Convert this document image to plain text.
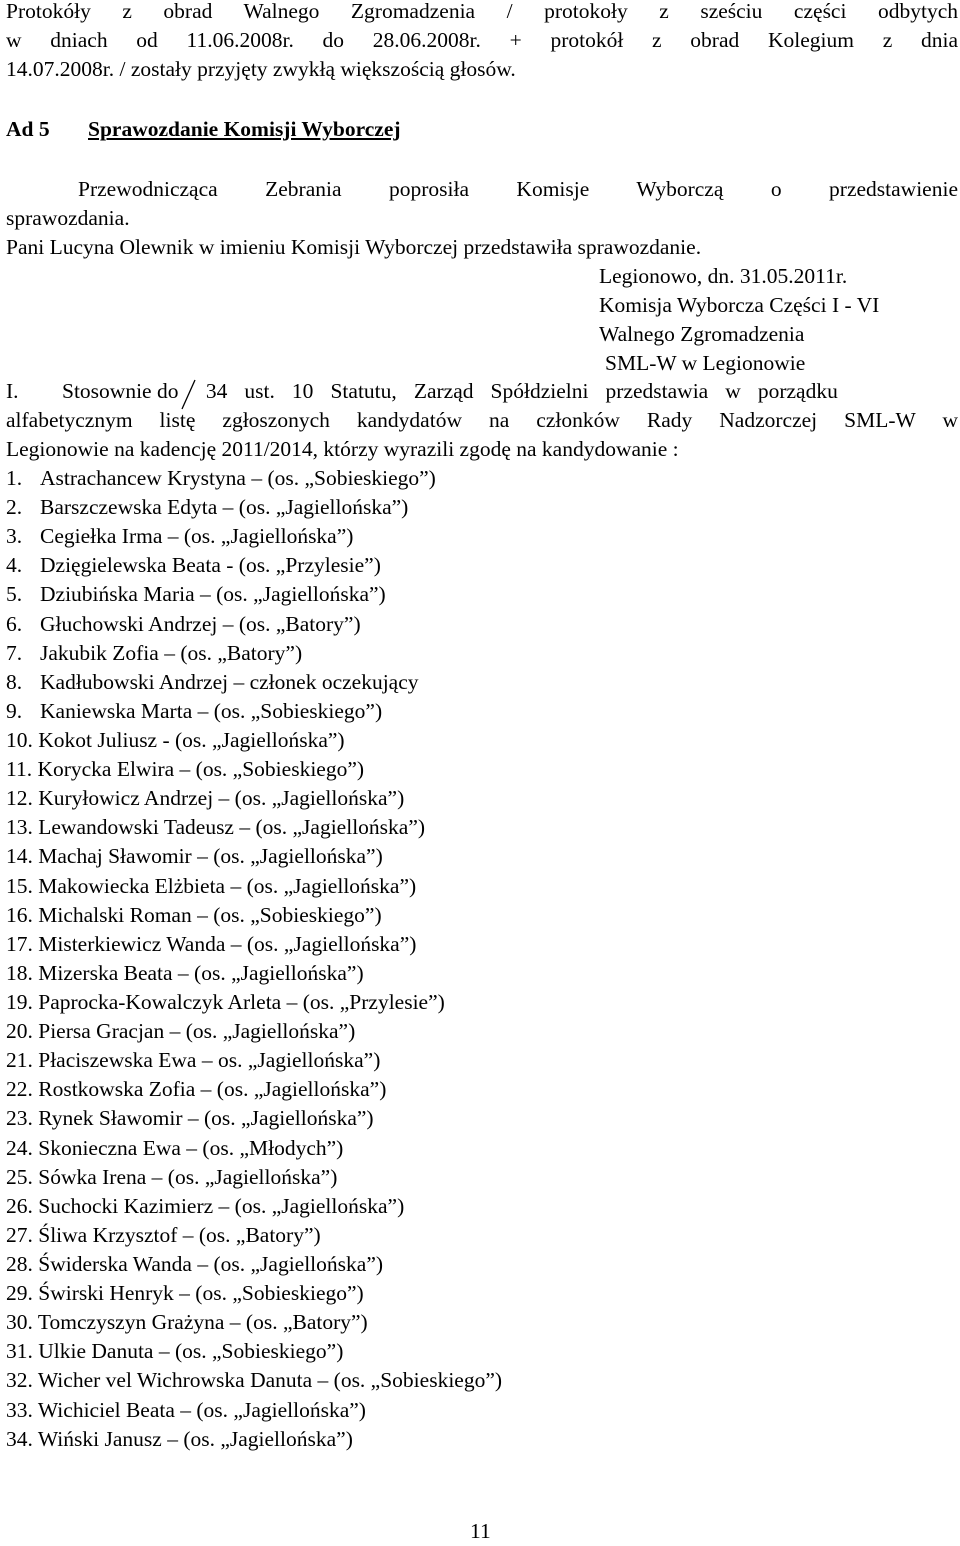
Protokóły z obrad Walnego Zgromadzenia / protokoły z sześciu części odbytych
w dniach od 11.06.2008r. do 28.06.2008r. + protokół z obrad Kolegium z dnia
14.07.2008r. / zostały przyjęty zwykłą większością głosów.
Ad 5 Sprawozdanie Komisji Wyborczej
Przewodnicząca Zebrania poprosiła Komisje Wyborczą o przedstawienie
sprawozdania.
Pani Lucyna Olewnik w imieniu Komisji Wyborczej przedstawiła sprawozdanie.
Legionowo, dn. 31.05.2011r.
Komisja Wyborcza Części I - VI
Walnego Zgromadzenia
SML-W w Legionowie
I. Stosownie do 34 ust. 10 Statutu, Zarząd Spółdzielni przedstawia w porządku
alfabetycznym listę zgłoszonych kandydatów na członków Rady Nadzorczej SML-W w
Legionowie na kadencję 2011/2014, którzy wyrazili zgodę na kandydowanie :
1. Astrachancew Krystyna – (os. „Sobieskiego”)
2. Barszczewska Edyta – (os. „Jagiellońska”)
3. Cegiełka Irma – (os. „Jagiellońska”)
4. Dzięgielewska Beata - (os. „Przylesie”)
5. Dziubińska Maria – (os. „Jagiellońska”)
6. Głuchowski Andrzej – (os. „Batory”)
7. Jakubik Zofia – (os. „Batory”)
8. Kadłubowski Andrzej – członek oczekujący
9. Kaniewska Marta – (os. „Sobieskiego”)
10. Kokot Juliusz - (os. „Jagiellońska”)
11. Korycka Elwira – (os. „Sobieskiego”)
12. Kuryłowicz Andrzej – (os. „Jagiellońska”)
13. Lewandowski Tadeusz – (os. „Jagiellońska”)
14. Machaj Sławomir – (os. „Jagiellońska”)
15. Makowiecka Elżbieta – (os. „Jagiellońska”)
16. Michalski Roman – (os. „Sobieskiego”)
17. Misterkiewicz Wanda – (os. „Jagiellońska”)
18. Mizerska Beata – (os. „Jagiellońska”)
19. Paprocka-Kowalczyk Arleta – (os. „Przylesie”)
20. Piersa Gracjan – (os. „Jagiellońska”)
21. Płaciszewska Ewa – os. „Jagiellońska”)
22. Rostkowska Zofia – (os. „Jagiellońska”)
23. Rynek Sławomir – (os. „Jagiellońska”)
24. Skonieczna Ewa – (os. „Młodych”)
25. Sówka Irena – (os. „Jagiellońska”)
26. Suchocki Kazimierz – (os. „Jagiellońska”)
27. Śliwa Krzysztof – (os. „Batory”)
28. Świderska Wanda – (os. „Jagiellońska”)
29. Świrski Henryk – (os. „Sobieskiego”)
30. Tomczyszyn Grażyna – (os. „Batory”)
31. Ulkie Danuta – (os. „Sobieskiego”)
32. Wicher vel Wichrowska Danuta – (os. „Sobieskiego”)
33. Wichiciel Beata – (os. „Jagiellońska”)
34. Wiński Janusz – (os. „Jagiellońska”)
11
